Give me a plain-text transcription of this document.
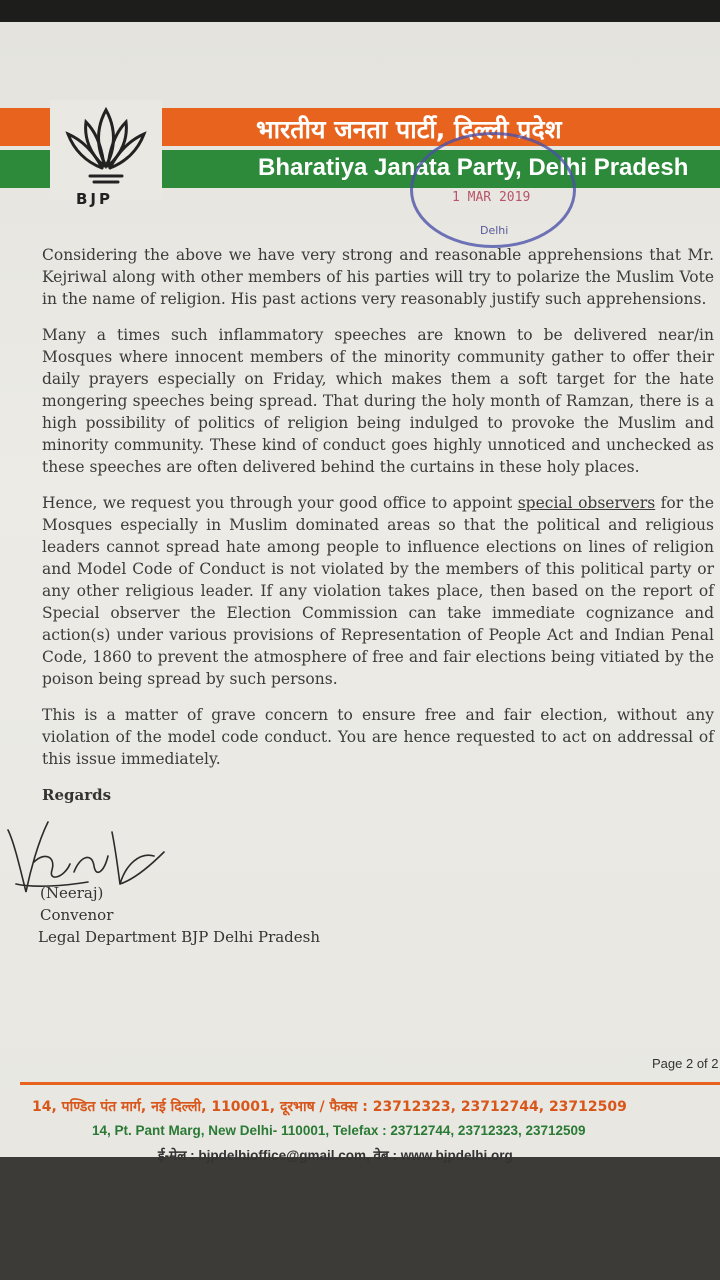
BJP
भारतीय जनता पार्टी, दिल्ली प्रदेश
Bharatiya Janata Party, Delhi Pradesh
1 MAR 2019
Delhi

Considering the above we have very strong and reasonable apprehensions that Mr. Kejriwal along with other members of his parties will try to polarize the Muslim Vote in the name of religion. His past actions very reasonably justify such apprehensions.

Many a times such inflammatory speeches are known to be delivered near/in Mosques where innocent members of the minority community gather to offer their daily prayers especially on Friday, which makes them a soft target for the hate mongering speeches being spread. That during the holy month of Ramzan, there is a high possibility of politics of religion being indulged to provoke the Muslim and minority community. These kind of conduct goes highly unnoticed and unchecked as these speeches are often delivered behind the curtains in these holy places.

Hence, we request you through your good office to appoint special observers for the Mosques especially in Muslim dominated areas so that the political and religious leaders cannot spread hate among people to influence elections on lines of religion and Model Code of Conduct is not violated by the members of this political party or any other religious leader. If any violation takes place, then based on the report of Special observer the Election Commission can take immediate cognizance and action(s) under various provisions of Representation of People Act and Indian Penal Code, 1860 to prevent the atmosphere of free and fair elections being vitiated by the poison being spread by such persons.

This is a matter of grave concern to ensure free and fair election, without any violation of the model code conduct. You are hence requested to act on addressal of this issue immediately.

Regards
(Neeraj)
Convenor
Legal Department BJP Delhi Pradesh
Page 2 of 2
14, पण्डित पंत मार्ग, नई दिल्ली, 110001, दूरभाष / फैक्स : 23712323, 23712744, 23712509
14, Pt. Pant Marg, New Delhi- 110001, Telefax : 23712744, 23712323, 23712509
ई-मेल : bjpdelhioffice@gmail.com, वेब : www.bjpdelhi.org
